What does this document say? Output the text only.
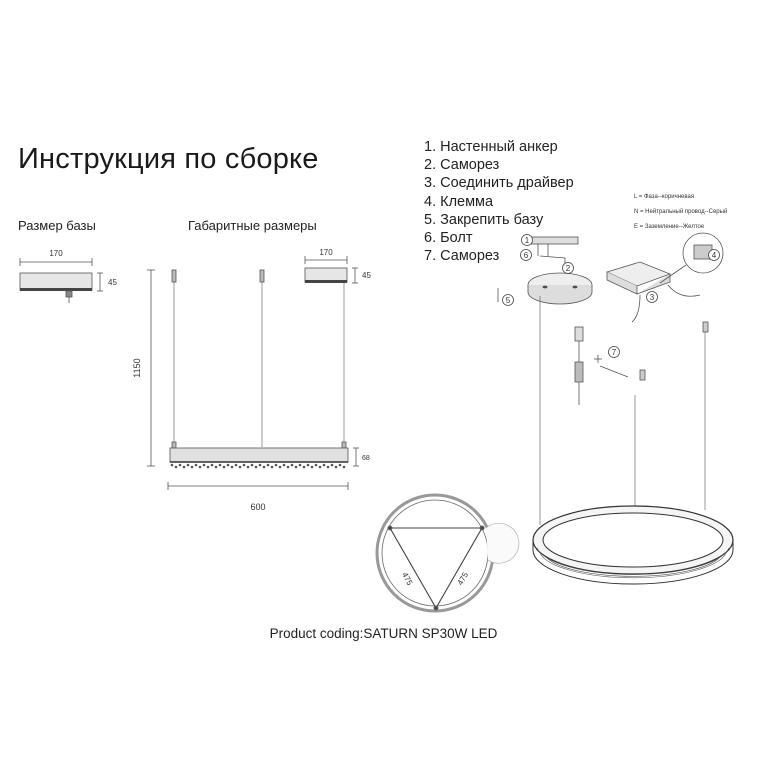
Инструкция по сборке
Размер базы	Габаритные размеры
1. Настенный анкер
2. Саморез
3. Соединить драйвер
4. Клемма
5. Закрепить базу
6. Болт
7. Саморез
170
45
1150
170
45
68
600
475	475
1
2
3
4
5
6
7
L = Фаза--коричневая
N = Нейтральный провод--Серый
E = Заземление--Желтое
Product coding:SATURN SP30W LED
